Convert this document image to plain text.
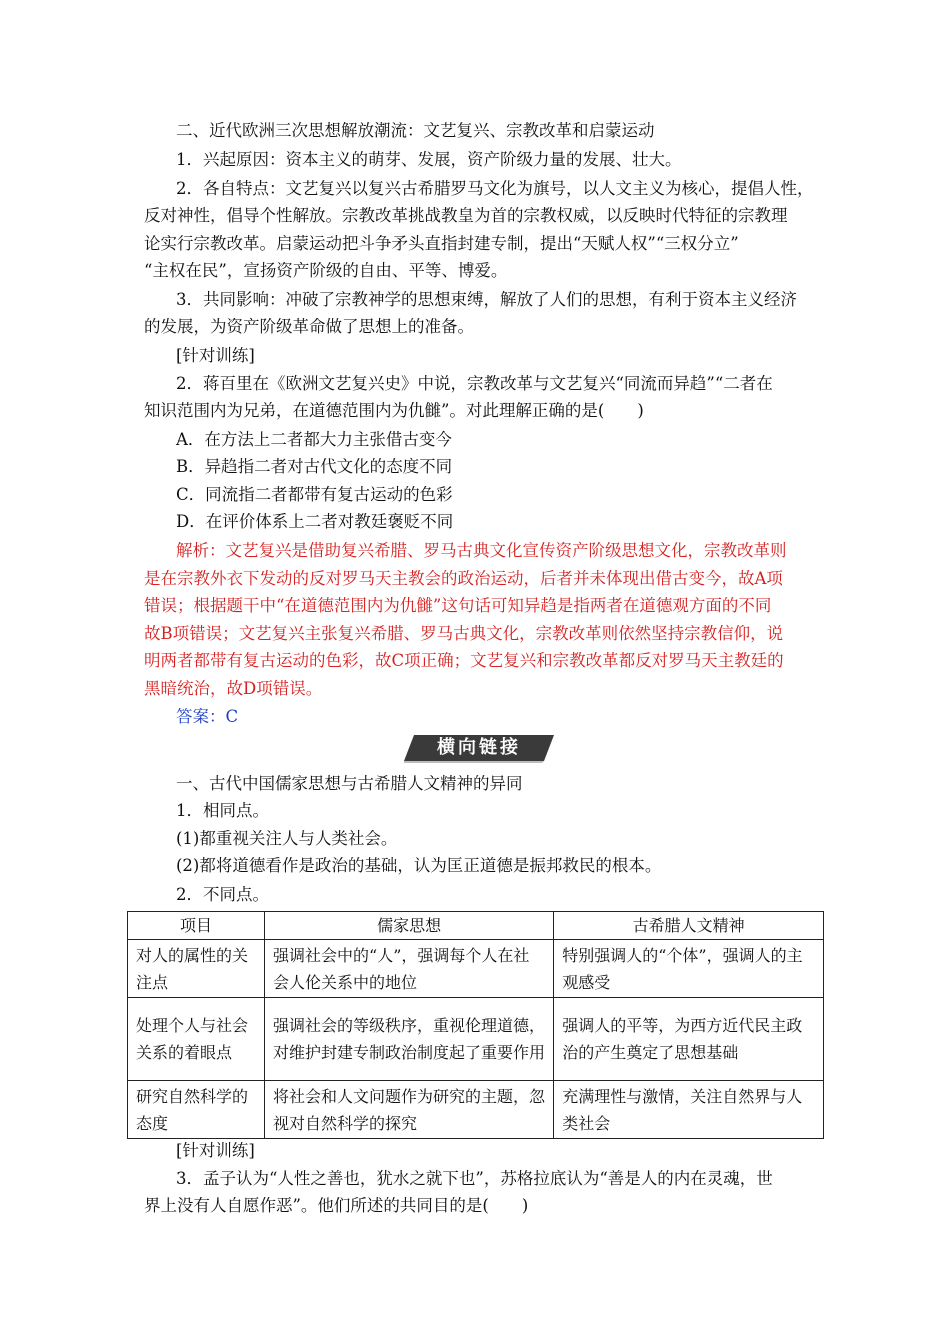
二、近代欧洲三次思想解放潮流：文艺复兴、宗教改革和启蒙运动
1．兴起原因：资本主义的萌芽、发展，资产阶级力量的发展、壮大。
2．各自特点：文艺复兴以复兴古希腊罗马文化为旗号，以人文主义为核心，提倡人性，
反对神性，倡导个性解放。宗教改革挑战教皇为首的宗教权威，以反映时代特征的宗教理
论实行宗教改革。启蒙运动把斗争矛头直指封建专制，提出“天赋人权”“三权分立”
“主权在民”，宣扬资产阶级的自由、平等、博爱。
3．共同影响：冲破了宗教神学的思想束缚，解放了人们的思想，有利于资本主义经济
的发展，为资产阶级革命做了思想上的准备。
[针对训练]
2．蒋百里在《欧洲文艺复兴史》中说，宗教改革与文艺复兴“同流而异趋”“二者在
知识范围内为兄弟，在道德范围内为仇雠”。对此理解正确的是(　　)
A．在方法上二者都大力主张借古变今
B．异趋指二者对古代文化的态度不同
C．同流指二者都带有复古运动的色彩
D．在评价体系上二者对教廷褒贬不同
解析：文艺复兴是借助复兴希腊、罗马古典文化宣传资产阶级思想文化，宗教改革则
是在宗教外衣下发动的反对罗马天主教会的政治运动，后者并未体现出借古变今，故A项
错误；根据题干中“在道德范围内为仇雠”这句话可知异趋是指两者在道德观方面的不同
故B项错误；文艺复兴主张复兴希腊、罗马古典文化，宗教改革则依然坚持宗教信仰，说
明两者都带有复古运动的色彩，故C项正确；文艺复兴和宗教改革都反对罗马天主教廷的
黑暗统治，故D项错误。
答案：C
横向链接
一、古代中国儒家思想与古希腊人文精神的异同
1．相同点。
(1)都重视关注人与人类社会。
(2)都将道德看作是政治的基础，认为匡正道德是振邦救民的根本。
2．不同点。
项目	儒家思想	古希腊人文精神
对人的属性的关注点	强调社会中的“人”，强调每个人在社会人伦关系中的地位	特别强调人的“个体”，强调人的主观感受
处理个人与社会关系的着眼点	强调社会的等级秩序，重视伦理道德，对维护封建专制政治制度起了重要作用	强调人的平等，为西方近代民主政治的产生奠定了思想基础
研究自然科学的态度	将社会和人文问题作为研究的主题，忽视对自然科学的探究	充满理性与激情，关注自然界与人类社会
[针对训练]
3．孟子认为“人性之善也，犹水之就下也”，苏格拉底认为“善是人的内在灵魂，世
界上没有人自愿作恶”。他们所述的共同目的是(　　)
